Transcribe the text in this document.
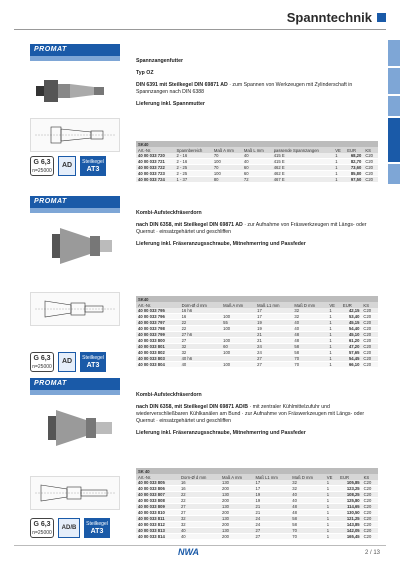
Spanntechnik
PROMAT
G 6,3
n=25000
AD	Steilkegel
AT3
Spannzangenfutter
Typ OZ
DIN 6391 mit Steilkegel DIN 69871 AD · zum Spannen von Werkzeugen mit Zylinderschaft in Spannzangen nach DIN 6388
Lieferung inkl. Spannmutter
SK40							
Art.-Nr.	Spannbereich	Maß A mm	Maß L mm	passende Spannzangen	VE	EUR	KS
40 00 033 720	2 - 16	70	40	415 E	1	68,20	C20
40 00 033 721	2 - 16	100	40	415 E	1	82,70	C20
40 00 033 722	2 - 25	70	60	462 E	1	73,60	C20
40 00 033 723	2 - 25	100	60	462 E	1	85,80	C20
40 00 033 724	1 - 37	80	72	467 E	1	97,50	C20
PROMAT
G 6,3
n=25000
AD	Steilkegel
AT3
Kombi-Aufsteckfräserdorn
nach DIN 6358, mit Steilkegel DIN 69871 AD · zur Aufnahme von Fräswerkzeugen mit Längs- oder Quernut · einsatzgehärtet und geschliffen
Lieferung inkl. Fräseranzugsschraube, Mitnehmerring und Passfeder
SK40							
Art.-Nr.	Dorn-Ø d mm	Maß A mm	Maß L1 mm	Maß D mm	VE	EUR	KS
40 00 033 795	16 h6		17	32	1	42,15	C20
40 00 033 796	16	100	17	32	1	53,40	C20
40 00 033 797	22	55	19	40	1	45,15	C20
40 00 033 798	22	100	19	40	1	54,40	C20
40 00 033 799	27 h6		21	48	1	45,10	C20
40 00 033 800	27	100	21	48	1	61,20	C20
40 00 033 801	32	60	24	58	1	47,20	C20
40 00 033 802	32	100	24	58	1	57,65	C20
40 00 033 803	40 h6		27	70	1	54,45	C20
40 00 033 804	40	100	27	70	1	66,10	C20
PROMAT
G 6,3
n=25000
AD/B
Steilkegel
AT3
Kombi-Aufsteckfräserdorn
nach DIN 6358, mit Steilkegel DIN 69871 AD/B · mit zentraler Kühlmittelzufuhr und wiederverschließbaren Kühlkanälen am Bund · zur Aufnahme von Fräswerkzeugen mit Längs- oder Quernut · einsatzgehärtet und geschliffen
Lieferung inkl. Fräseranzugsschraube, Mitnehmerring und Passfeder
SK 40							
Art.-Nr.	Dorn-Ø d mm	Maß A mm	Maß L1 mm	Maß D mm	VE	EUR	KS
40 00 033 805	16	130	17	32	1	105,85	C20
40 00 033 806	16	200	17	32	1	123,25	C20
40 00 033 807	22	130	19	40	1	108,25	C20
40 00 033 808	22	200	19	40	1	125,80	C20
40 00 033 809	27	130	21	48	1	114,65	C20
40 00 033 810	27	200	21	48	1	130,50	C20
40 00 033 811	32	130	24	58	1	121,25	C20
40 00 033 812	32	200	24	58	1	143,85	C20
40 00 033 813	40	130	27	70	1	142,05	C20
40 00 033 814	40	200	27	70	1	165,45	C20
NWA	2 / 13
